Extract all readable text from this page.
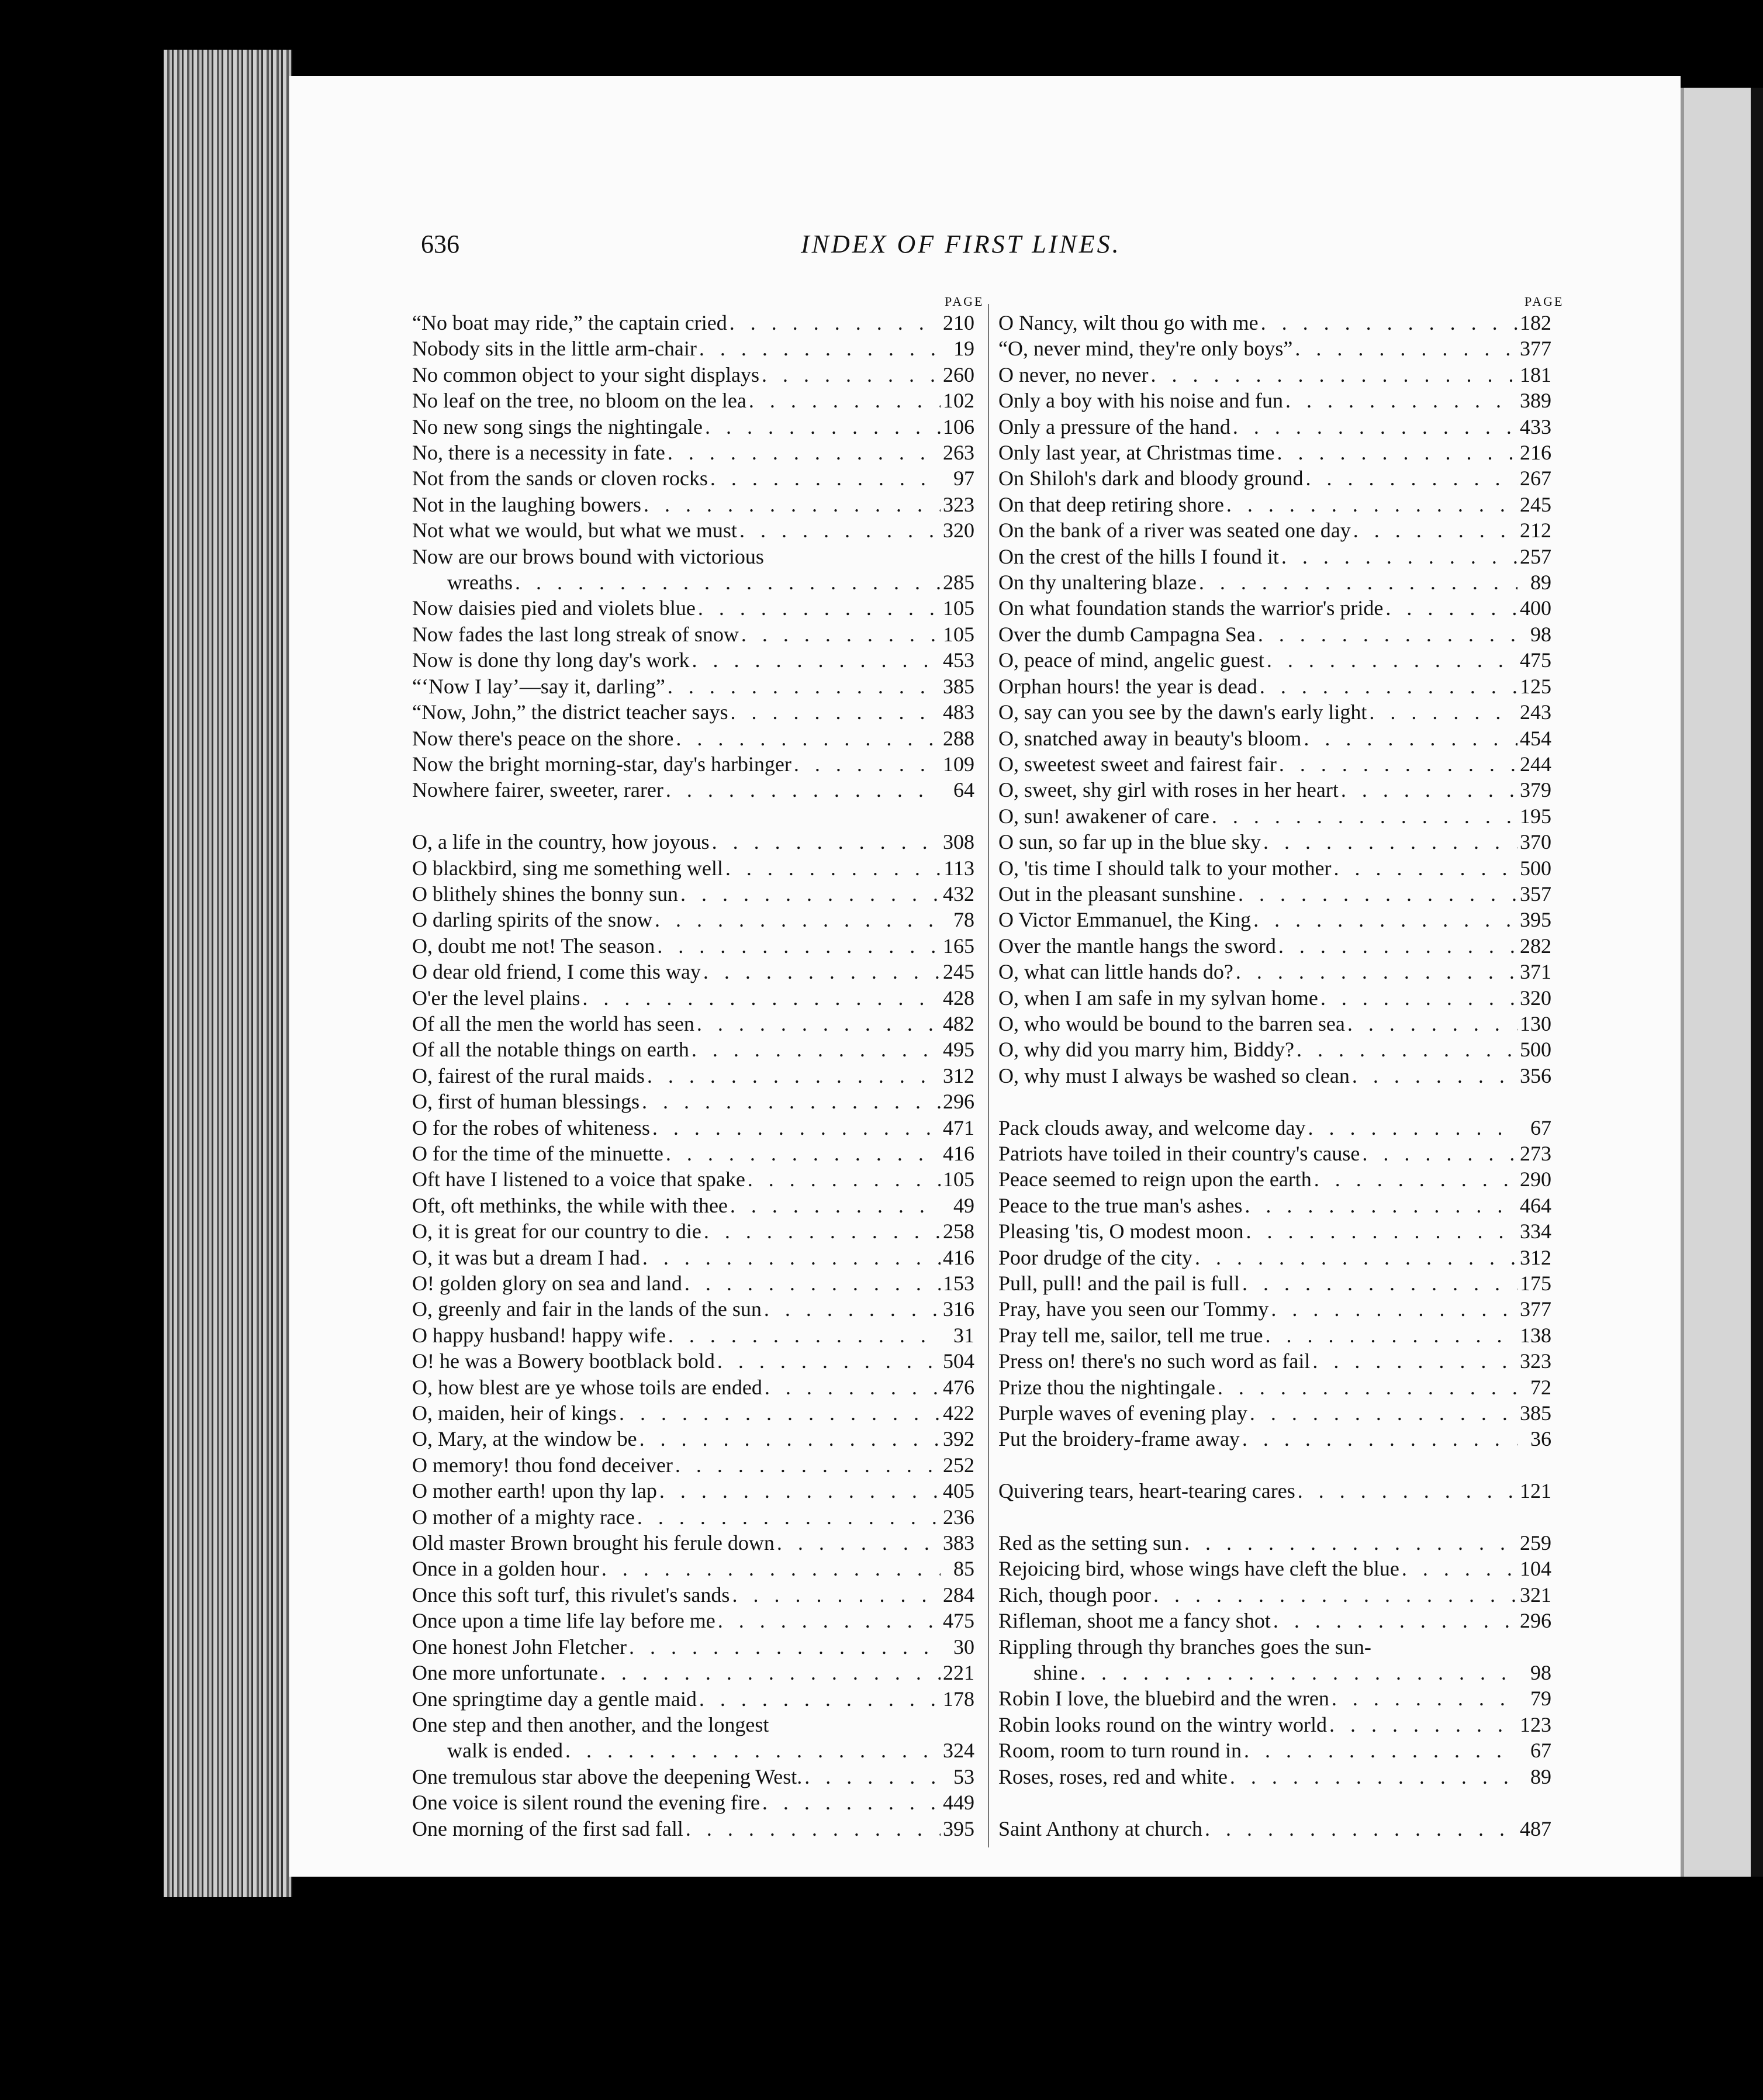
636	INDEX OF FIRST LINES.
PAGE	PAGE
“No boat may ride,” the captain cried . . .	210
Nobody sits in the little arm-chair . . .	19
No common object to your sight displays . . .	260
No leaf on the tree, no bloom on the lea . . .	102
No new song sings the nightingale . . .	106
No, there is a necessity in fate . . .	263
Not from the sands or cloven rocks . . .	97
Not in the laughing bowers . . .	323
Not what we would, but what we must . . .	320
Now are our brows bound with victorious
wreaths . . .	285
Now daisies pied and violets blue . . .	105
Now fades the last long streak of snow . . .	105
Now is done thy long day's work . . .	453
“‘Now I lay’—say it, darling” . . .	385
“Now, John,” the district teacher says . . .	483
Now there's peace on the shore . . .	288
Now the bright morning-star, day's harbinger . . .	109
Nowhere fairer, sweeter, rarer . . .	64
O, a life in the country, how joyous . . .	308
O blackbird, sing me something well . . .	113
O blithely shines the bonny sun . . .	432
O darling spirits of the snow . . .	78
O, doubt me not! The season . . .	165
O dear old friend, I come this way . . .	245
O'er the level plains . . .	428
Of all the men the world has seen . . .	482
Of all the notable things on earth . . .	495
O, fairest of the rural maids . . .	312
O, first of human blessings . . .	296
O for the robes of whiteness . . .	471
O for the time of the minuette . . .	416
Oft have I listened to a voice that spake . . .	105
Oft, oft methinks, the while with thee . . .	49
O, it is great for our country to die . . .	258
O, it was but a dream I had . . .	416
O! golden glory on sea and land . . .	153
O, greenly and fair in the lands of the sun . . .	316
O happy husband! happy wife . . .	31
O! he was a Bowery bootblack bold . . .	504
O, how blest are ye whose toils are ended . . .	476
O, maiden, heir of kings . . .	422
O, Mary, at the window be . . .	392
O memory! thou fond deceiver . . .	252
O mother earth! upon thy lap . . .	405
O mother of a mighty race . . .	236
Old master Brown brought his ferule down . . .	383
Once in a golden hour . . .	85
Once this soft turf, this rivulet's sands . . .	284
Once upon a time life lay before me . . .	475
One honest John Fletcher . . .	30
One more unfortunate . . .	221
One springtime day a gentle maid . . .	178
One step and then another, and the longest
walk is ended . . .	324
One tremulous star above the deepening West. . . .	53
One voice is silent round the evening fire . . .	449
One morning of the first sad fall . . .	395
O Nancy, wilt thou go with me . . .	182
“O, never mind, they're only boys” . . .	377
O never, no never . . .	181
Only a boy with his noise and fun . . .	389
Only a pressure of the hand . . .	433
Only last year, at Christmas time . . .	216
On Shiloh's dark and bloody ground . . .	267
On that deep retiring shore . . .	245
On the bank of a river was seated one day . . .	212
On the crest of the hills I found it . . .	257
On thy unaltering blaze . . .	89
On what foundation stands the warrior's pride . . .	400
Over the dumb Campagna Sea . . .	98
O, peace of mind, angelic guest . . .	475
Orphan hours! the year is dead . . .	125
O, say can you see by the dawn's early light . . .	243
O, snatched away in beauty's bloom . . .	454
O, sweetest sweet and fairest fair . . .	244
O, sweet, shy girl with roses in her heart . . .	379
O, sun! awakener of care . . .	195
O sun, so far up in the blue sky . . .	370
O, 'tis time I should talk to your mother . . .	500
Out in the pleasant sunshine . . .	357
O Victor Emmanuel, the King . . .	395
Over the mantle hangs the sword . . .	282
O, what can little hands do? . . .	371
O, when I am safe in my sylvan home . . .	320
O, who would be bound to the barren sea . . .	130
O, why did you marry him, Biddy? . . .	500
O, why must I always be washed so clean . . .	356
Pack clouds away, and welcome day . . .	67
Patriots have toiled in their country's cause . . .	273
Peace seemed to reign upon the earth . . .	290
Peace to the true man's ashes . . .	464
Pleasing 'tis, O modest moon . . .	334
Poor drudge of the city . . .	312
Pull, pull! and the pail is full . . .	175
Pray, have you seen our Tommy . . .	377
Pray tell me, sailor, tell me true . . .	138
Press on! there's no such word as fail . . .	323
Prize thou the nightingale . . .	72
Purple waves of evening play . . .	385
Put the broidery-frame away . . .	36
Quivering tears, heart-tearing cares . . .	121
Red as the setting sun . . .	259
Rejoicing bird, whose wings have cleft the blue . . .	104
Rich, though poor . . .	321
Rifleman, shoot me a fancy shot . . .	296
Rippling through thy branches goes the sun-
shine . . .	98
Robin I love, the bluebird and the wren . . .	79
Robin looks round on the wintry world . . .	123
Room, room to turn round in . . .	67
Roses, roses, red and white . . .	89
Saint Anthony at church . . .	487
